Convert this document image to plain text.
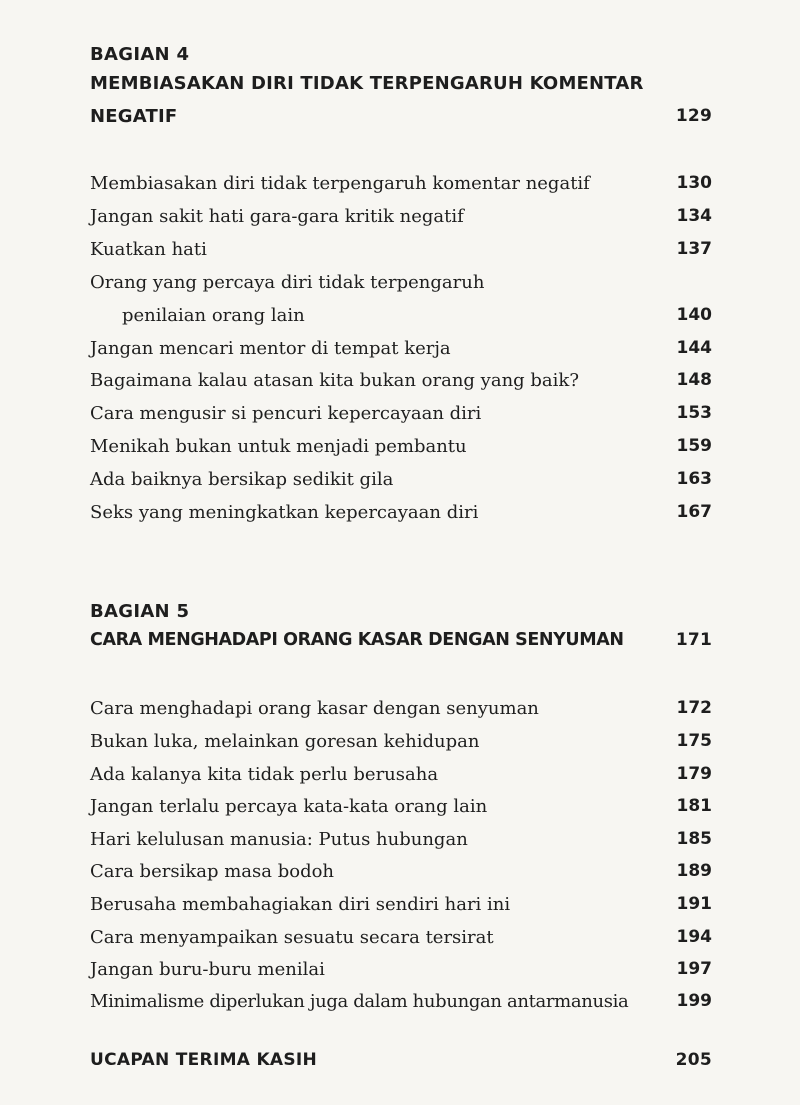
BAGIAN 4
MEMBIASAKAN DIRI TIDAK TERPENGARUH KOMENTAR
NEGATIF	129
Membiasakan diri tidak terpengaruh komentar negatif	130
Jangan sakit hati gara-gara kritik negatif	134
Kuatkan hati	137
Orang yang percaya diri tidak terpengaruh
penilaian orang lain	140
Jangan mencari mentor di tempat kerja	144
Bagaimana kalau atasan kita bukan orang yang baik?	148
Cara mengusir si pencuri kepercayaan diri	153
Menikah bukan untuk menjadi pembantu	159
Ada baiknya bersikap sedikit gila	163
Seks yang meningkatkan kepercayaan diri	167
BAGIAN 5
CARA MENGHADAPI ORANG KASAR DENGAN SENYUMAN	171
Cara menghadapi orang kasar dengan senyuman	172
Bukan luka, melainkan goresan kehidupan	175
Ada kalanya kita tidak perlu berusaha	179
Jangan terlalu percaya kata-kata orang lain	181
Hari kelulusan manusia: Putus hubungan	185
Cara bersikap masa bodoh	189
Berusaha membahagiakan diri sendiri hari ini	191
Cara menyampaikan sesuatu secara tersirat	194
Jangan buru-buru menilai	197
Minimalisme diperlukan juga dalam hubungan antarmanusia	199
UCAPAN TERIMA KASIH	205
